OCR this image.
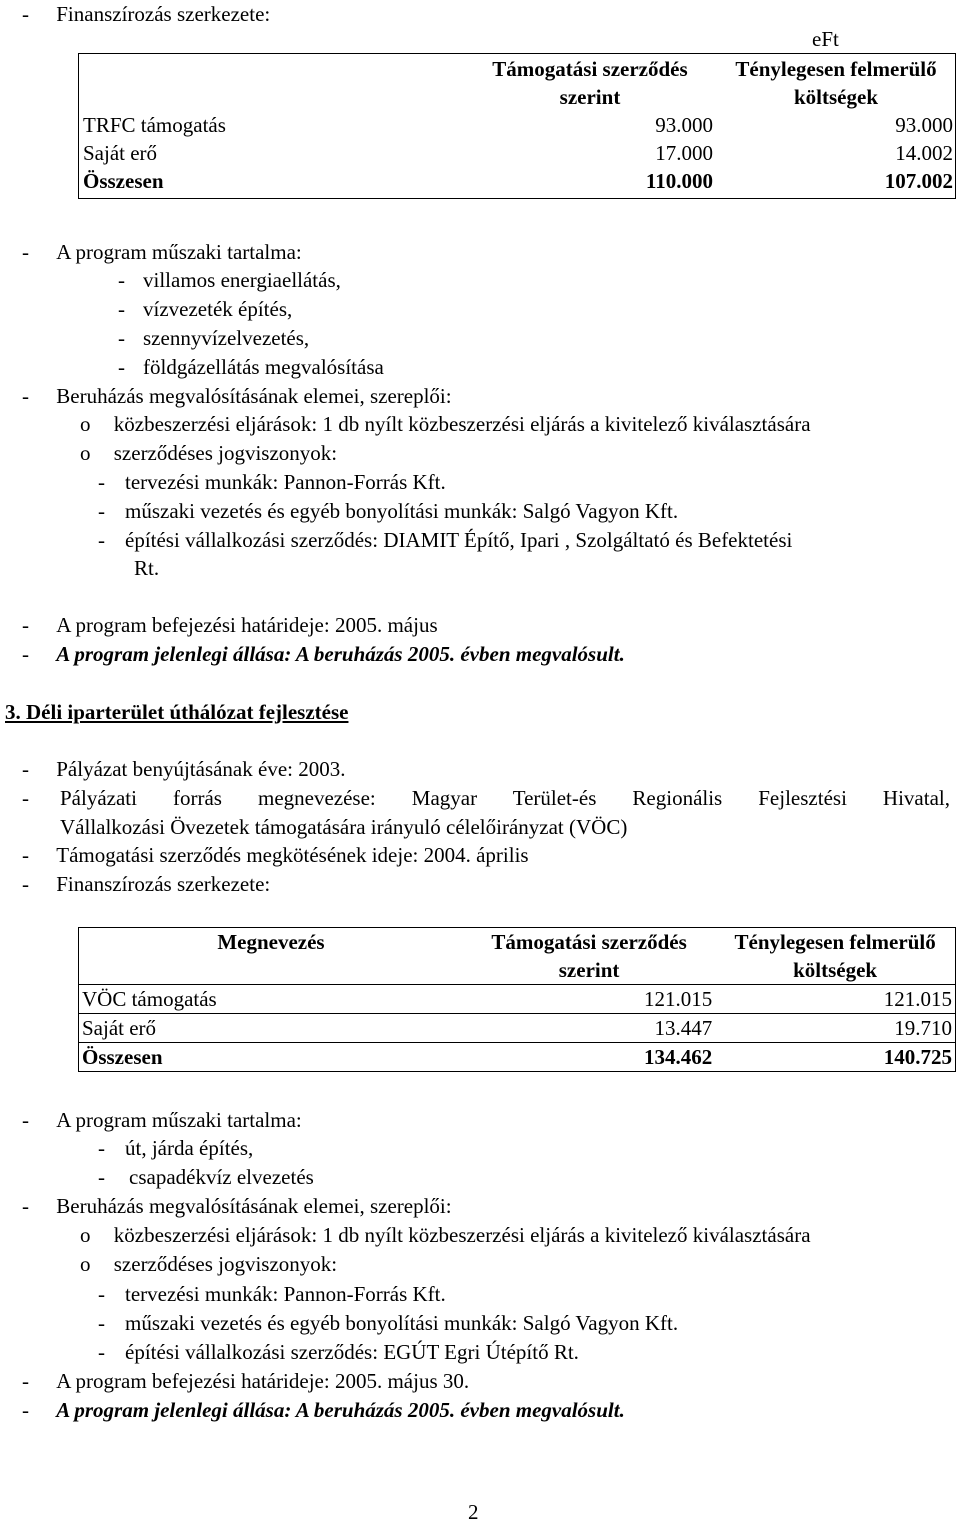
- Finanszírozás szerkezete:
eFt
	Támogatási szerződés szerint	Ténylegesen felmerülő költségek
TRFC támogatás	93.000	93.000
Saját erő	17.000	14.002
Összesen	110.000	107.002
- A program műszaki tartalma:
- villamos energiaellátás,
- vízvezeték építés,
- szennyvízelvezetés,
- földgázellátás megvalósítása
- Beruházás megvalósításának elemei, szereplői:
o közbeszerzési eljárások: 1 db nyílt közbeszerzési eljárás a kivitelező kiválasztására
o szerződéses jogviszonyok:
- tervezési munkák: Pannon-Forrás Kft.
- műszaki vezetés és egyéb bonyolítási munkák: Salgó Vagyon Kft.
- építési vállalkozási szerződés: DIAMIT Építő, Ipari , Szolgáltató és Befektetési
Rt.
- A program befejezési határideje: 2005. május
- A program jelenlegi állása: A beruházás 2005. évben megvalósult.
3. Déli iparterület úthálózat fejlesztése
- Pályázat benyújtásának éve: 2003.
- Pályázati forrás megnevezése: Magyar Terület-és Regionális Fejlesztési Hivatal,
Vállalkozási Övezetek támogatására irányuló célelőirányzat (VÖC)
- Támogatási szerződés megkötésének ideje: 2004. április
- Finanszírozás szerkezete:
Megnevezés	Támogatási szerződés szerint	Ténylegesen felmerülő költségek
VÖC támogatás	121.015	121.015
Saját erő	13.447	19.710
Összesen	134.462	140.725
- A program műszaki tartalma:
- út, járda építés,
- csapadékvíz elvezetés
- Beruházás megvalósításának elemei, szereplői:
o közbeszerzési eljárások: 1 db nyílt közbeszerzési eljárás a kivitelező kiválasztására
o szerződéses jogviszonyok:
- tervezési munkák: Pannon-Forrás Kft.
- műszaki vezetés és egyéb bonyolítási munkák: Salgó Vagyon Kft.
- építési vállalkozási szerződés: EGÚT Egri Útépítő Rt.
- A program befejezési határideje: 2005. május 30.
- A program jelenlegi állása: A beruházás 2005. évben megvalósult.
2
